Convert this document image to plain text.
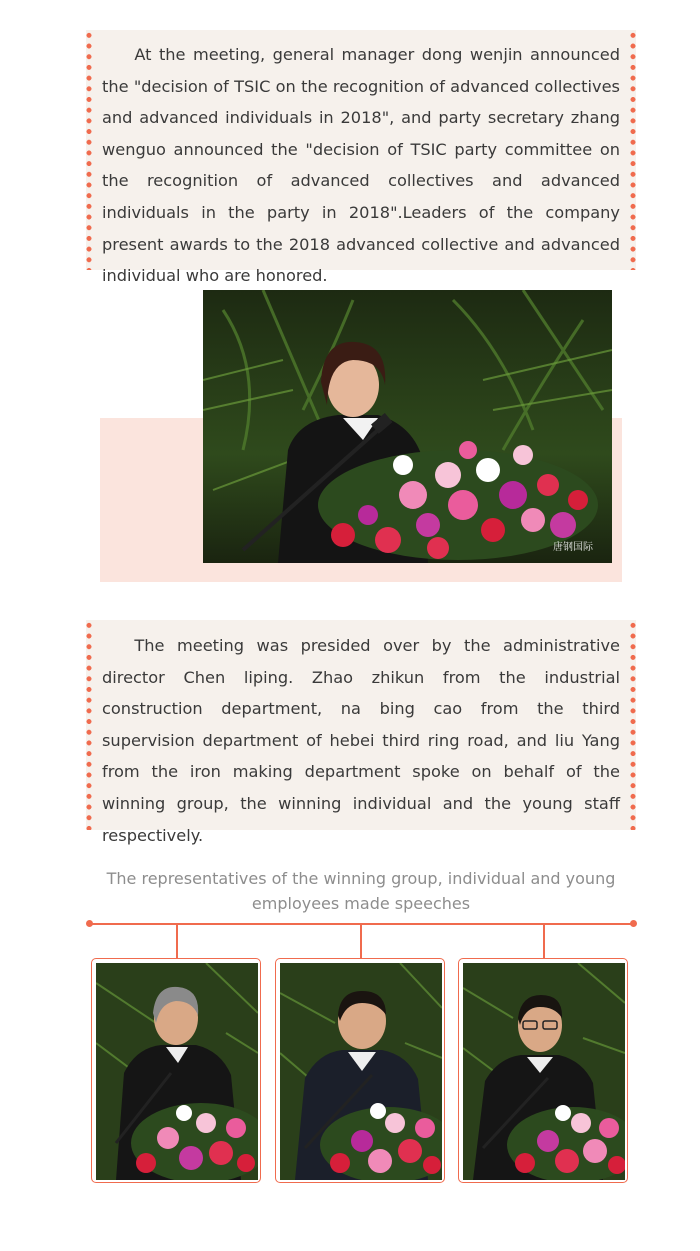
At the meeting, general manager dong wenjin announced the "decision of TSIC on the recognition of advanced collectives and advanced individuals in 2018", and party secretary zhang wenguo announced the "decision of TSIC party committee on the recognition of advanced collectives and advanced individuals in the party in 2018".Leaders of the company present awards to the 2018 advanced collective and advanced individual who are honored.

唐钢国际

The meeting was presided over by the administrative director Chen liping. Zhao zhikun from the industrial construction department, na bing cao from the third supervision department of hebei third ring road, and liu Yang from the iron making department spoke on behalf of the winning group, the winning individual and the young staff respectively.

The representatives of the winning group, individual and young employees made speeches
